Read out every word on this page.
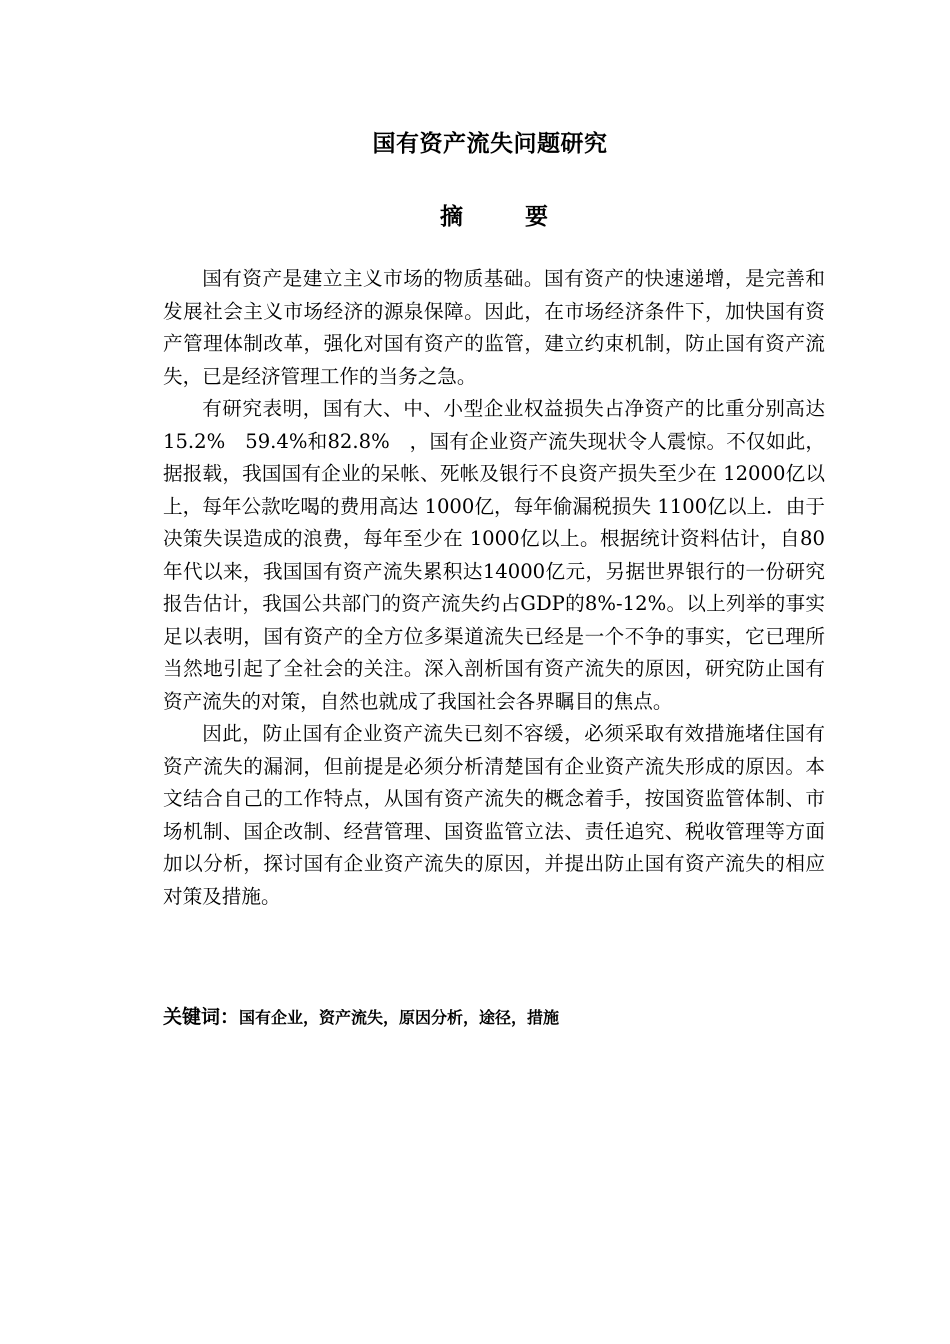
国有资产流失问题研究
摘要

国有资产是建立主义市场的物质基础。国有资产的快速递增，是完善和发展社会主义市场经济的源泉保障。因此，在市场经济条件下，加快国有资产管理体制改革，强化对国有资产的监管，建立约束机制，防止国有资产流失，已是经济管理工作的当务之急。

有研究表明，国有大、中、小型企业权益损失占净资产的比重分别高达15.2%　59.4%和82.8%　，国有企业资产流失现状令人震惊。不仅如此，据报载，我国国有企业的呆帐、死帐及银行不良资产损失至少在 12000亿以上，每年公款吃喝的费用高达 1000亿，每年偷漏税损失 1100亿以上．由于决策失误造成的浪费，每年至少在 1000亿以上。根据统计资料估计，自80年代以来，我国国有资产流失累积达14000亿元，另据世界银行的一份研究报告估计，我国公共部门的资产流失约占GDP的8%-12%。以上列举的事实足以表明，国有资产的全方位多渠道流失已经是一个不争的事实，它已理所当然地引起了全社会的关注。深入剖析国有资产流失的原因，研究防止国有资产流失的对策，自然也就成了我国社会各界瞩目的焦点。

因此，防止国有企业资产流失已刻不容缓，必须采取有效措施堵住国有资产流失的漏洞，但前提是必须分析清楚国有企业资产流失形成的原因。本文结合自己的工作特点，从国有资产流失的概念着手，按国资监管体制、市场机制、国企改制、经营管理、国资监管立法、责任追究、税收管理等方面加以分析，探讨国有企业资产流失的原因，并提出防止国有资产流失的相应对策及措施。

关键词：国有企业，资产流失，原因分析，途径，措施
